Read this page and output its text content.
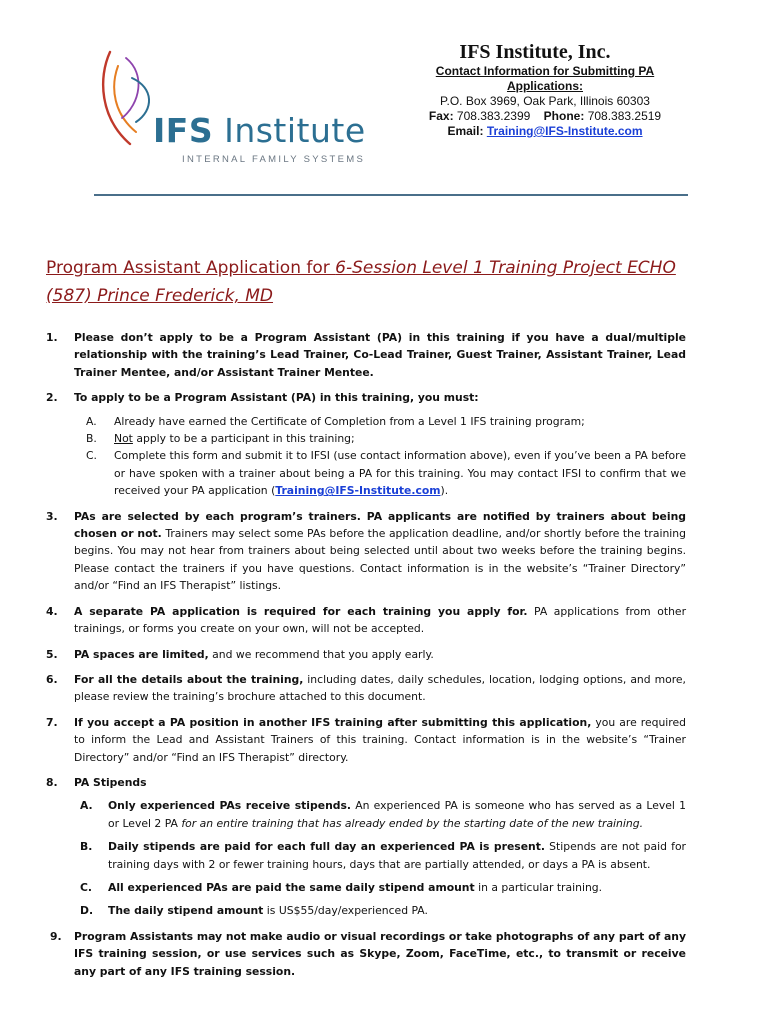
IFS Institute
INTERNAL FAMILY SYSTEMS
IFS Institute, Inc.
Contact Information for Submitting PA Applications:
P.O. Box 3969, Oak Park, Illinois 60303
Fax: 708.383.2399 Phone: 708.383.2519
Email: Training@IFS-Institute.com
Program Assistant Application for 6-Session Level 1 Training Project ECHO (587) Prince Frederick, MD
1. Please don’t apply to be a Program Assistant (PA) in this training if you have a dual/multiple relationship with the training’s Lead Trainer, Co-Lead Trainer, Guest Trainer, Assistant Trainer, Lead Trainer Mentee, and/or Assistant Trainer Mentee.
2. To apply to be a Program Assistant (PA) in this training, you must:
A. Already have earned the Certificate of Completion from a Level 1 IFS training program;
B. Not apply to be a participant in this training;
C. Complete this form and submit it to IFSI (use contact information above), even if you’ve been a PA before or have spoken with a trainer about being a PA for this training. You may contact IFSI to confirm that we received your PA application (Training@IFS-Institute.com).
3. PAs are selected by each program’s trainers. PA applicants are notified by trainers about being chosen or not. Trainers may select some PAs before the application deadline, and/or shortly before the training begins. You may not hear from trainers about being selected until about two weeks before the training begins. Please contact the trainers if you have questions. Contact information is in the website’s “Trainer Directory” and/or “Find an IFS Therapist” listings.
4. A separate PA application is required for each training you apply for. PA applications from other trainings, or forms you create on your own, will not be accepted.
5. PA spaces are limited, and we recommend that you apply early.
6. For all the details about the training, including dates, daily schedules, location, lodging options, and more, please review the training’s brochure attached to this document.
7. If you accept a PA position in another IFS training after submitting this application, you are required to inform the Lead and Assistant Trainers of this training. Contact information is in the website’s “Trainer Directory” and/or “Find an IFS Therapist” directory.
8. PA Stipends
A. Only experienced PAs receive stipends. An experienced PA is someone who has served as a Level 1 or Level 2 PA for an entire training that has already ended by the starting date of the new training.
B. Daily stipends are paid for each full day an experienced PA is present. Stipends are not paid for training days with 2 or fewer training hours, days that are partially attended, or days a PA is absent.
C. All experienced PAs are paid the same daily stipend amount in a particular training.
D. The daily stipend amount is US$55/day/experienced PA.
9. Program Assistants may not make audio or visual recordings or take photographs of any part of any IFS training session, or use services such as Skype, Zoom, FaceTime, etc., to transmit or receive any part of any IFS training session.
